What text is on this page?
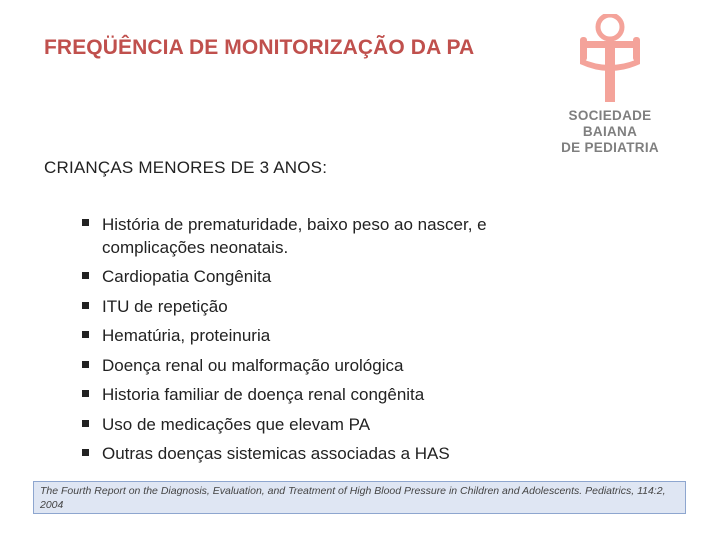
FREQÜÊNCIA DE MONITORIZAÇÃO DA PA
SOCIEDADE
BAIANA
DE PEDIATRIA
CRIANÇAS MENORES DE 3 ANOS:
História de prematuridade, baixo peso ao nascer, e complicações neonatais.
Cardiopatia Congênita
ITU de repetição
Hematúria, proteinuria
Doença renal ou malformação urológica
Historia familiar de doença renal congênita
Uso de medicações que elevam PA
Outras doenças sistemicas associadas a HAS
The Fourth Report on the Diagnosis, Evaluation, and Treatment of High Blood Pressure in Children and Adolescents. Pediatrics, 114:2, 2004
